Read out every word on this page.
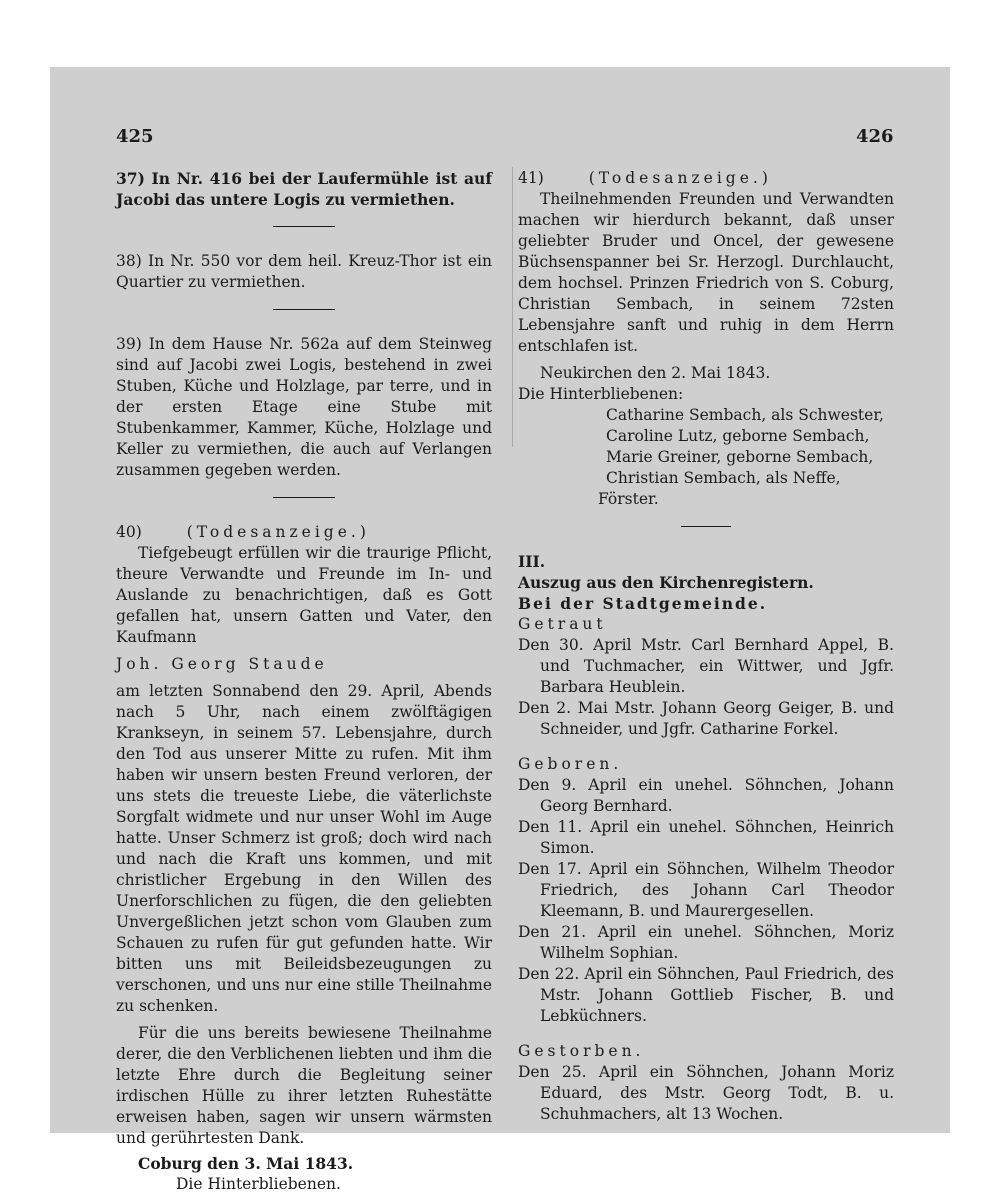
425	426

37) In Nr. 416 bei der Laufermühle ist auf Jacobi das untere Logis zu vermiethen.

38) In Nr. 550 vor dem heil. Kreuz-Thor ist ein Quartier zu vermiethen.

39) In dem Hause Nr. 562a auf dem Steinweg sind auf Jacobi zwei Logis, bestehend in zwei Stuben, Küche und Holzlage, par terre, und in der ersten Etage eine Stube mit Stubenkammer, Kammer, Küche, Holzlage und Keller zu vermiethen, die auch auf Verlangen zusammen gegeben werden.

40)	(Todesanzeige.)

Tiefgebeugt erfüllen wir die traurige Pflicht, theure Verwandte und Freunde im In- und Auslande zu benachrichtigen, daß es Gott gefallen hat, unsern Gatten und Vater, den Kaufmann

Joh. Georg Staude

am letzten Sonnabend den 29. April, Abends nach 5 Uhr, nach einem zwölftägigen Krankseyn, in seinem 57. Lebensjahre, durch den Tod aus unserer Mitte zu rufen. Mit ihm haben wir unsern besten Freund verloren, der uns stets die treueste Liebe, die väterlichste Sorgfalt widmete und nur unser Wohl im Auge hatte. Unser Schmerz ist groß; doch wird nach und nach die Kraft uns kommen, und mit christlicher Ergebung in den Willen des Unerforschlichen zu fügen, die den geliebten Unvergeßlichen jetzt schon vom Glauben zum Schauen zu rufen für gut gefunden hatte. Wir bitten uns mit Beileidsbezeugungen zu verschonen, und uns nur eine stille Theilnahme zu schenken.

Für die uns bereits bewiesene Theilnahme derer, die den Verblichenen liebten und ihm die letzte Ehre durch die Begleitung seiner irdischen Hülle zu ihrer letzten Ruhestätte erweisen haben, sagen wir unsern wärmsten und gerührtesten Dank.

Coburg den 3. Mai 1843.

Die Hinterbliebenen.

41)	(Todesanzeige.)

Theilnehmenden Freunden und Verwandten machen wir hierdurch bekannt, daß unser geliebter Bruder und Oncel, der gewesene Büchsenspanner bei Sr. Herzogl. Durchlaucht, dem hochsel. Prinzen Friedrich von S. Coburg, Christian Sembach, in seinem 72sten Lebensjahre sanft und ruhig in dem Herrn entschlafen ist.

Neukirchen den 2. Mai 1843.

Die Hinterbliebenen:

Catharine Sembach, als Schwester,

Caroline Lutz, geborne Sembach,

Marie Greiner, geborne Sembach,

Christian Sembach, als Neffe,

Förster.

III.

Auszug aus den Kirchenregistern.

Bei der Stadtgemeinde.

Getraut

Den 30. April Mstr. Carl Bernhard Appel, B. und Tuchmacher, ein Wittwer, und Jgfr. Barbara Heublein.

Den 2. Mai Mstr. Johann Georg Geiger, B. und Schneider, und Jgfr. Catharine Forkel.

Geboren.

Den 9. April ein unehel. Söhnchen, Johann Georg Bernhard.

Den 11. April ein unehel. Söhnchen, Heinrich Simon.

Den 17. April ein Söhnchen, Wilhelm Theodor Friedrich, des Johann Carl Theodor Kleemann, B. und Maurergesellen.

Den 21. April ein unehel. Söhnchen, Moriz Wilhelm Sophian.

Den 22. April ein Söhnchen, Paul Friedrich, des Mstr. Johann Gottlieb Fischer, B. und Lebküchners.

Gestorben.

Den 25. April ein Söhnchen, Johann Moriz Eduard, des Mstr. Georg Todt, B. u. Schuhmachers, alt 13 Wochen.
